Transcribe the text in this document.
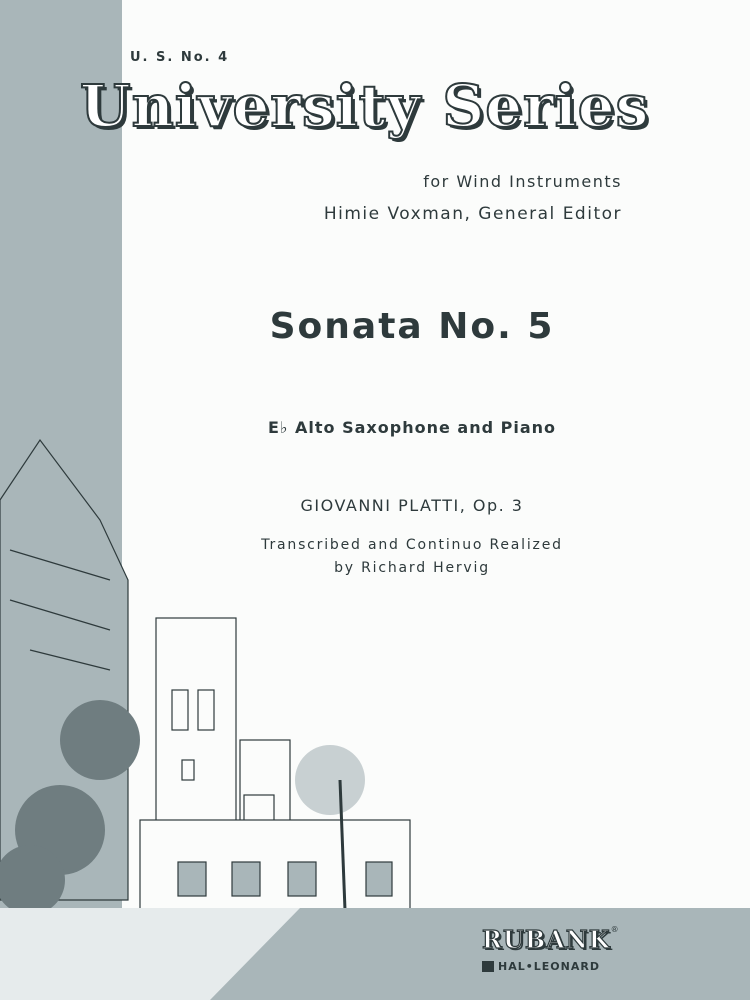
U. S. No. 4
University Series
for Wind Instruments
Himie Voxman, General Editor
Sonata No. 5
E♭ Alto Saxophone and Piano
GIOVANNI PLATTI, Op. 3
Transcribed and Continuo Realized
by Richard Hervig
RUBANK®
HAL•LEONARD
